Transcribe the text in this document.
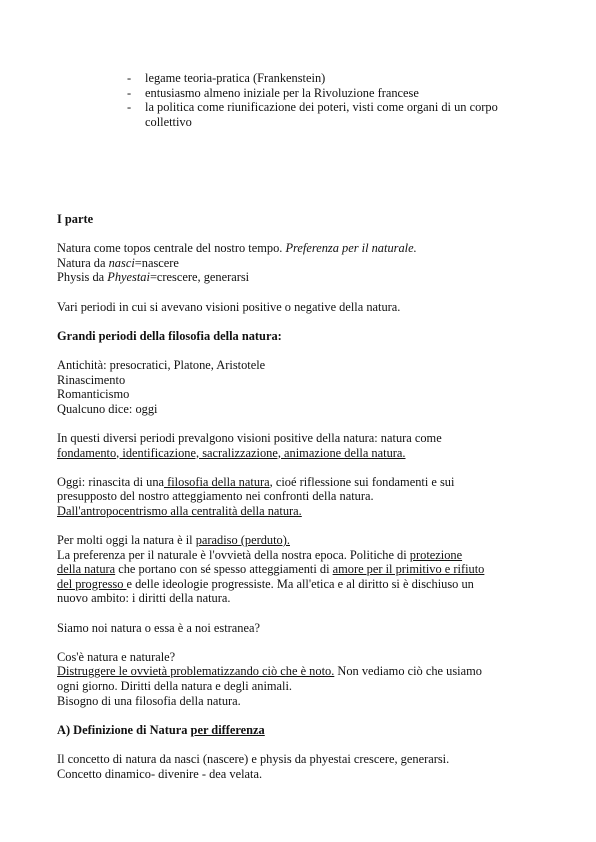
-	legame teoria-pratica (Frankenstein)
-	entusiasmo almeno iniziale per la Rivoluzione francese
-	la politica come riunificazione dei poteri, visti come organi di un corpo collettivo

I parte

Natura come topos centrale del nostro tempo. Preferenza per il naturale.
Natura da nasci=nascere
Physis da Phyestai=crescere, generarsi

Vari periodi in cui si avevano visioni positive o negative della natura.

Grandi periodi della filosofia della natura:

Antichità: presocratici, Platone, Aristotele
Rinascimento
Romanticismo
Qualcuno dice: oggi

In questi diversi periodi prevalgono visioni positive della natura: natura come
fondamento, identificazione, sacralizzazione, animazione della natura.

Oggi: rinascita di una filosofia della natura, cioé riflessione sui fondamenti e sui
presupposto del nostro atteggiamento nei confronti della natura.
Dall'antropocentrismo alla centralità della natura.

Per molti oggi la natura è il paradiso (perduto).
La preferenza per il naturale è l'ovvietà della nostra epoca. Politiche di protezione
della natura che portano con sé spesso atteggiamenti di amore per il primitivo e rifiuto
del progresso e delle ideologie progressiste. Ma all'etica e al diritto si è dischiuso un
nuovo ambito: i diritti della natura.

Siamo noi natura o essa è a noi estranea?

Cos'è natura e naturale?
Distruggere le ovvietà problematizzando ciò che è noto. Non vediamo ciò che usiamo
ogni giorno. Diritti della natura e degli animali.
Bisogno di una filosofia della natura.

A) Definizione di Natura per differenza

Il concetto di natura da nasci (nascere) e physis da phyestai crescere, generarsi.
Concetto dinamico- divenire - dea velata.
